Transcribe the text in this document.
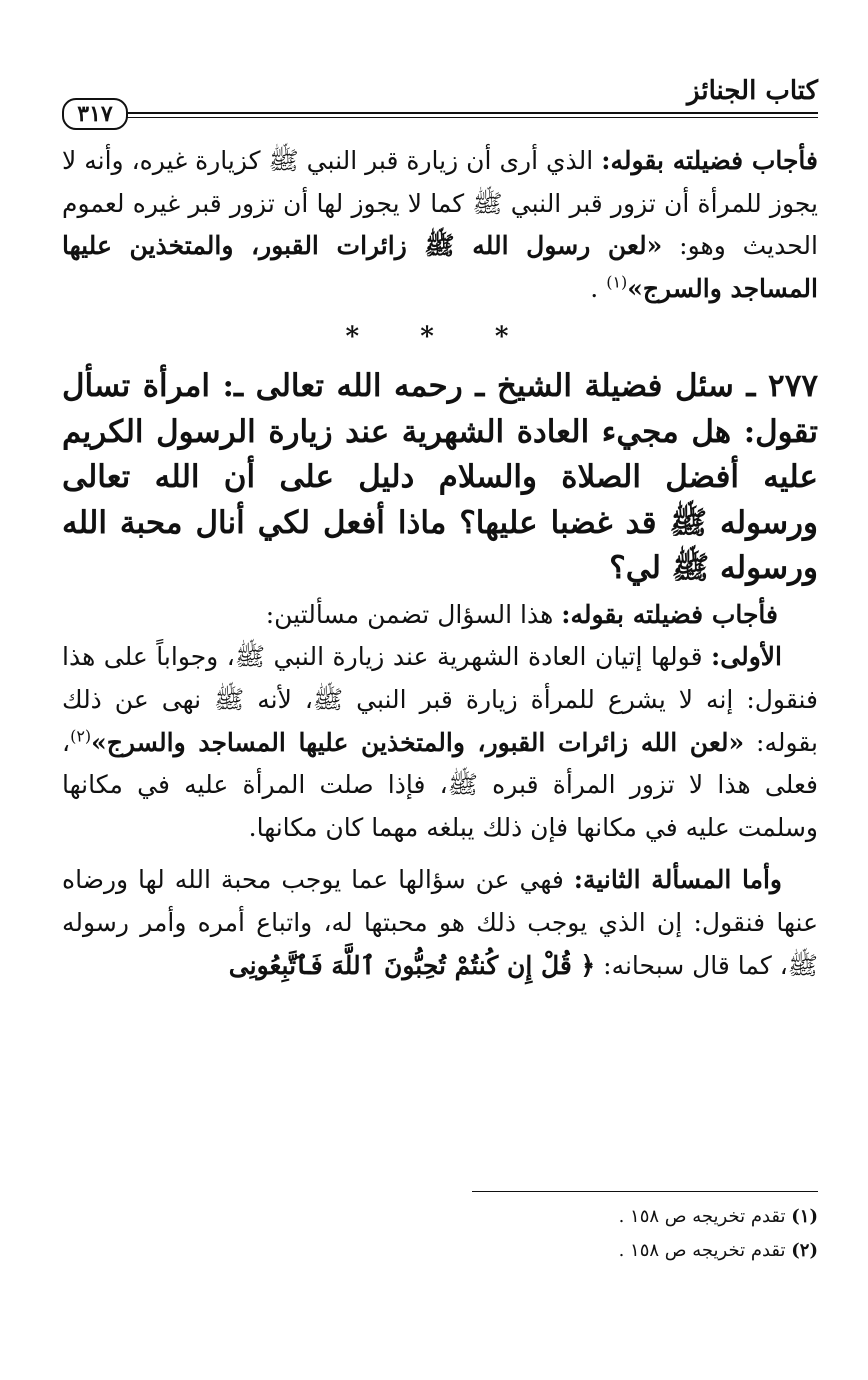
كتاب الجنائز
٣١٧

فأجاب فضيلته بقوله: الذي أرى أن زيارة قبر النبي ﷺ كزيارة غيره، وأنه لا يجوز للمرأة أن تزور قبر النبي ﷺ كما لا يجوز لها أن تزور قبر غيره لعموم الحديث وهو: «لعن رسول الله ﷺ زائرات القبور، والمتخذين عليها المساجد والسرج»$^{(١)}$ .

* * *

٢٧٧ ـ سئل فضيلة الشيخ ـ رحمه الله تعالى ـ: امرأة تسأل تقول: هل مجيء العادة الشهرية عند زيارة الرسول الكريم عليه أفضل الصلاة والسلام دليل على أن الله تعالى ورسوله ﷺ قد غضبا عليها؟ ماذا أفعل لكي أنال محبة الله ورسوله ﷺ لي؟

فأجاب فضيلته بقوله: هذا السؤال تضمن مسألتين:

الأولى: قولها إتيان العادة الشهرية عند زيارة النبي ﷺ، وجواباً على هذا فنقول: إنه لا يشرع للمرأة زيارة قبر النبي ﷺ، لأنه ﷺ نهى عن ذلك بقوله: «لعن الله زائرات القبور، والمتخذين عليها المساجد والسرج»$^{(٢)}$، فعلى هذا لا تزور المرأة قبره ﷺ، فإذا صلت المرأة عليه في مكانها وسلمت عليه في مكانها فإن ذلك يبلغه مهما كان مكانها.

وأما المسألة الثانية: فهي عن سؤالها عما يوجب محبة الله لها ورضاه عنها فنقول: إن الذي يوجب ذلك هو محبتها له، واتباع أمره وأمر رسوله ﷺ، كما قال سبحانه: ﴿ قُلْ إِن كُنتُمْ تُحِبُّونَ ٱللَّهَ فَٱتَّبِعُونِى

(١) تقدم تخريجه ص ١٥٨ .
(٢) تقدم تخريجه ص ١٥٨ .
